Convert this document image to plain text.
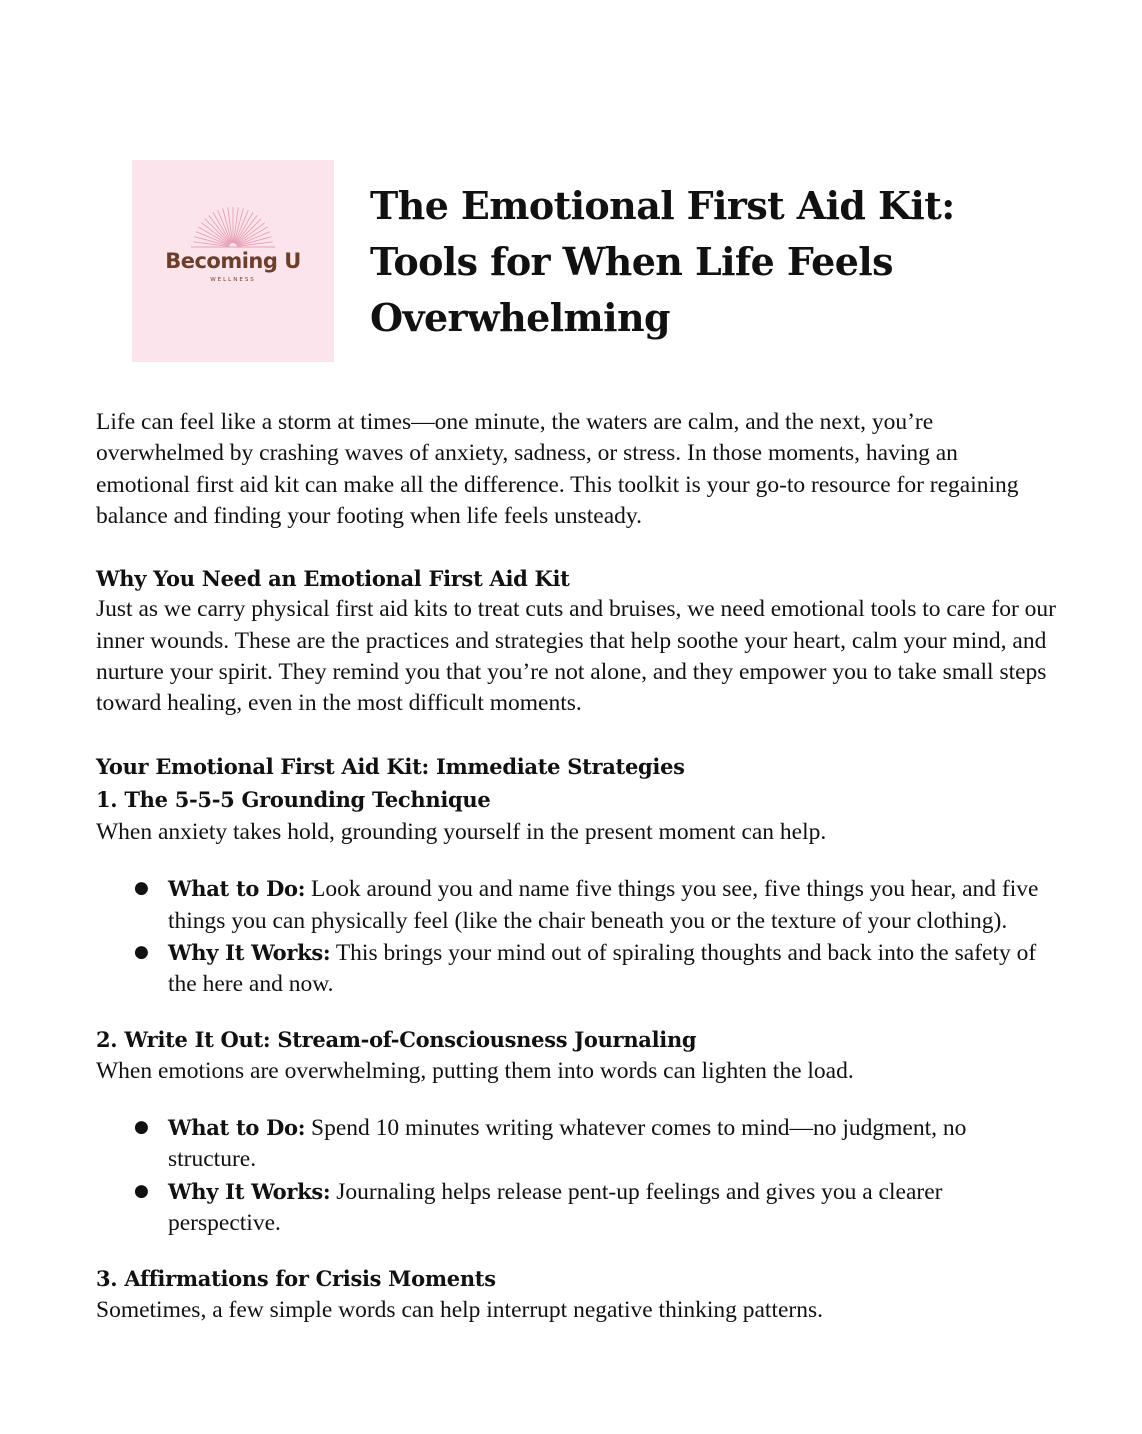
Becoming U
WELLNESS
The Emotional First Aid Kit: Tools for When Life Feels Overwhelming

Life can feel like a storm at times—one minute, the waters are calm, and the next, you’re overwhelmed by crashing waves of anxiety, sadness, or stress. In those moments, having an emotional first aid kit can make all the difference. This toolkit is your go-to resource for regaining balance and finding your footing when life feels unsteady.

Why You Need an Emotional First Aid Kit

Just as we carry physical first aid kits to treat cuts and bruises, we need emotional tools to care for our inner wounds. These are the practices and strategies that help soothe your heart, calm your mind, and nurture your spirit. They remind you that you’re not alone, and they empower you to take small steps toward healing, even in the most difficult moments.

Your Emotional First Aid Kit: Immediate Strategies

1. The 5-5-5 Grounding Technique

When anxiety takes hold, grounding yourself in the present moment can help.

● What to Do: Look around you and name five things you see, five things you hear, and five things you can physically feel (like the chair beneath you or the texture of your clothing).
● Why It Works: This brings your mind out of spiraling thoughts and back into the safety of the here and now.

2. Write It Out: Stream-of-Consciousness Journaling

When emotions are overwhelming, putting them into words can lighten the load.

● What to Do: Spend 10 minutes writing whatever comes to mind—no judgment, no structure.
● Why It Works: Journaling helps release pent-up feelings and gives you a clearer perspective.

3. Affirmations for Crisis Moments

Sometimes, a few simple words can help interrupt negative thinking patterns.
